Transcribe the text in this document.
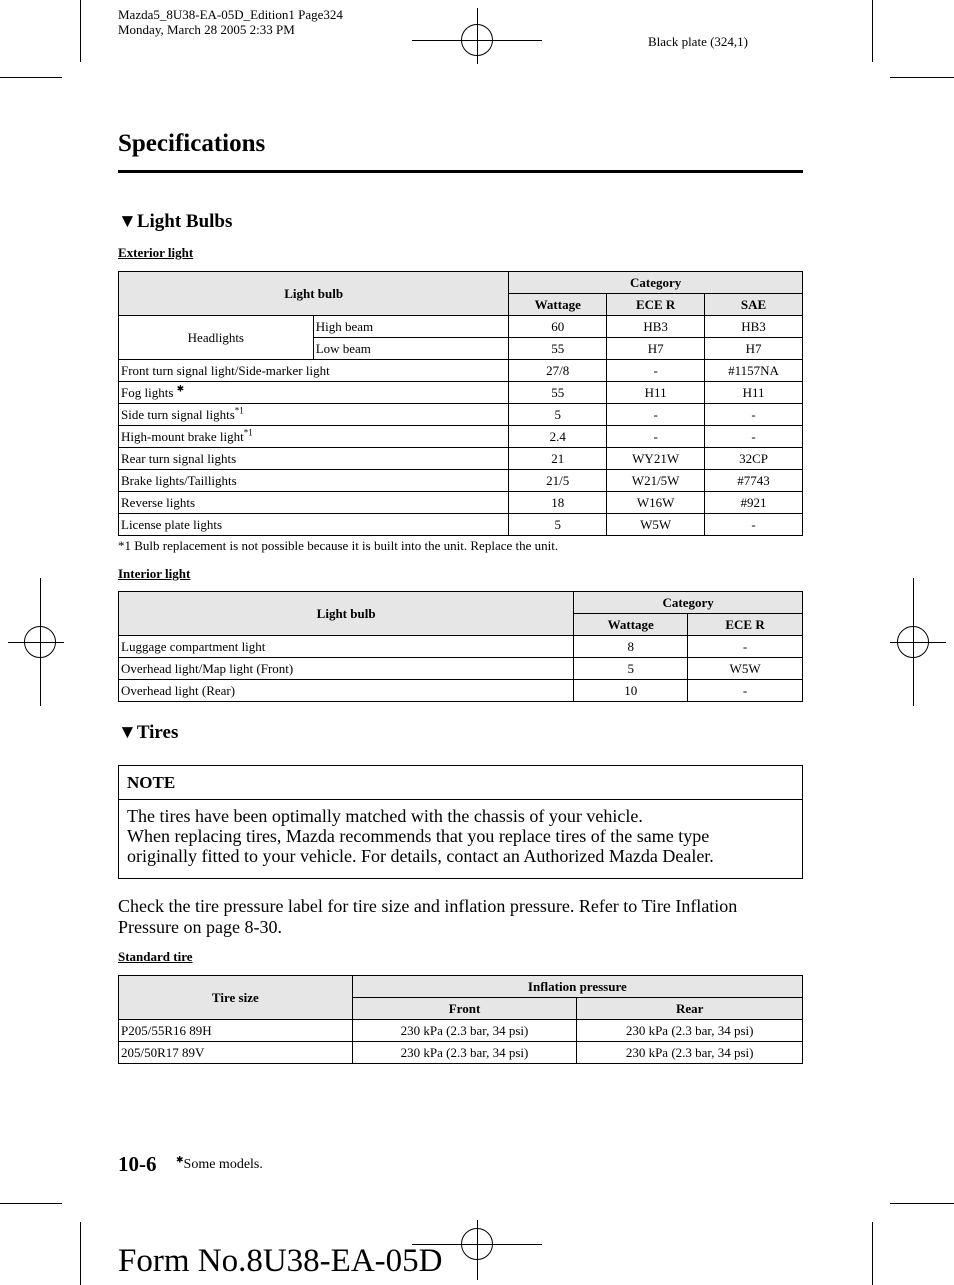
Mazda5_8U38-EA-05D_Edition1 Page324
Monday, March 28 2005 2:33 PM
Black plate (324,1)
Specifications
▼Light Bulbs
Exterior light
Light bulb		Category		
		Wattage	ECE R	SAE
Headlights	High beam	60	HB3	HB3
	Low beam	55	H7	H7
Front turn signal light/Side-marker light		27/8	-	#1157NA
Fog lights ✱		55	H11	H11
Side turn signal lights$^{*1}$		5	-	-
High-mount brake light$^{*1}$		2.4	-	-
Rear turn signal lights		21	WY21W	32CP
Brake lights/Taillights		21/5	W21/5W	#7743
Reverse lights		18	W16W	#921
License plate lights		5	W5W	-
*1 Bulb replacement is not possible because it is built into the unit. Replace the unit.
Interior light
Light bulb	Category	
	Wattage	ECE R
Luggage compartment light	8	-
Overhead light/Map light (Front)	5	W5W
Overhead light (Rear)	10	-
▼Tires
NOTE
The tires have been optimally matched with the chassis of your vehicle.
When replacing tires, Mazda recommends that you replace tires of the same type
originally fitted to your vehicle. For details, contact an Authorized Mazda Dealer.
Check the tire pressure label for tire size and inflation pressure. Refer to Tire Inflation
Pressure on page 8-30.
Standard tire
Tire size	Inflation pressure	
	Front	Rear
P205/55R16 89H	230 kPa (2.3 bar, 34 psi)	230 kPa (2.3 bar, 34 psi)
205/50R17 89V	230 kPa (2.3 bar, 34 psi)	230 kPa (2.3 bar, 34 psi)
10-6 ✱Some models.
Form No.8U38-EA-05D
